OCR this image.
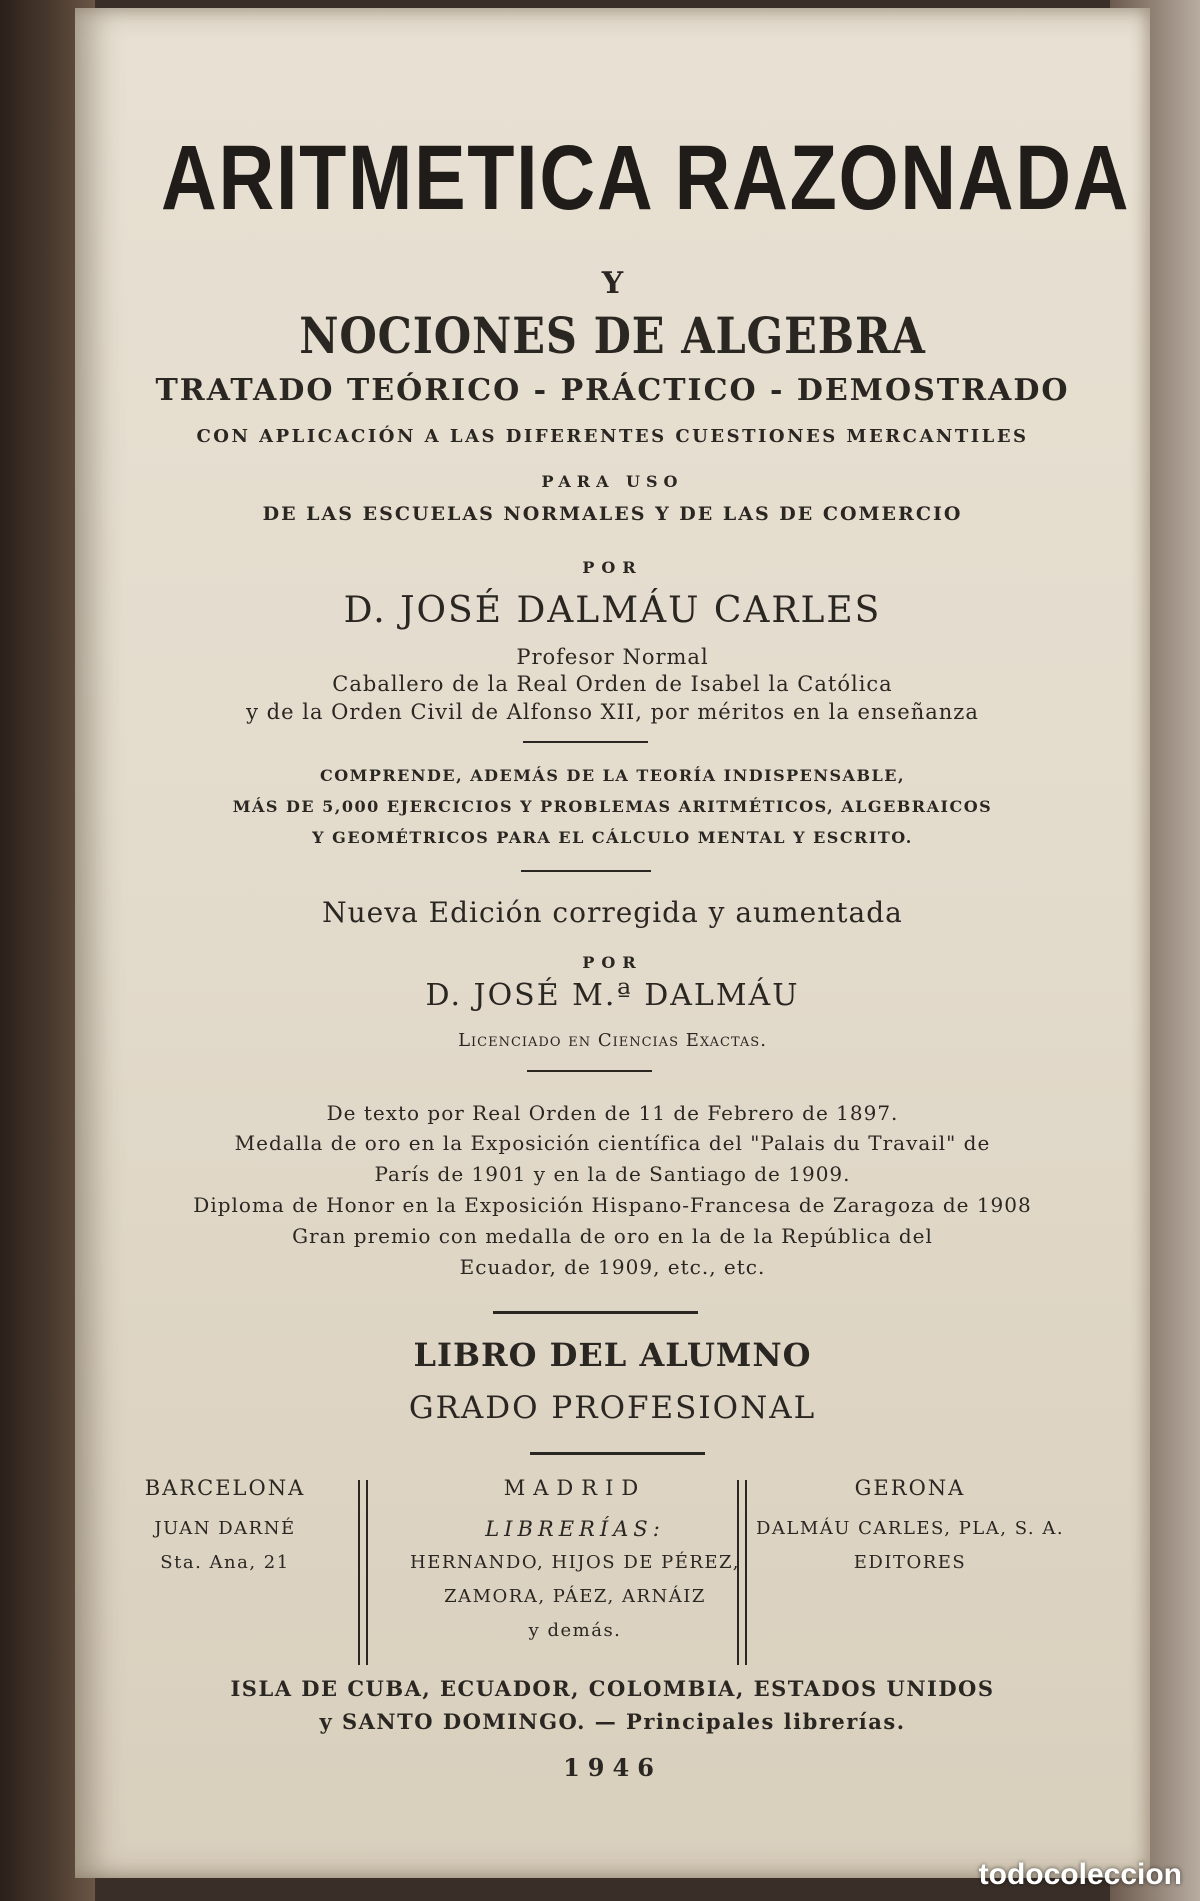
ARITMETICA RAZONADA
Y
NOCIONES DE ALGEBRA
TRATADO TEÓRICO - PRÁCTICO - DEMOSTRADO
CON APLICACIÓN A LAS DIFERENTES CUESTIONES MERCANTILES
PARA USO
DE LAS ESCUELAS NORMALES Y DE LAS DE COMERCIO
POR
D. JOSÉ DALMÁU CARLES
Profesor Normal
Caballero de la Real Orden de Isabel la Católica
y de la Orden Civil de Alfonso XII, por méritos en la enseñanza
COMPRENDE, ADEMÁS DE LA TEORÍA INDISPENSABLE,
MÁS DE 5,000 EJERCICIOS Y PROBLEMAS ARITMÉTICOS, ALGEBRAICOS
Y GEOMÉTRICOS PARA EL CÁLCULO MENTAL Y ESCRITO.
Nueva Edición corregida y aumentada
POR
D. JOSÉ M.ª DALMÁU
Licenciado en Ciencias Exactas.
De texto por Real Orden de 11 de Febrero de 1897.
Medalla de oro en la Exposición científica del "Palais du Travail" de
París de 1901 y en la de Santiago de 1909.
Diploma de Honor en la Exposición Hispano-Francesa de Zaragoza de 1908
Gran premio con medalla de oro en la de la República del
Ecuador, de 1909, etc., etc.
LIBRO DEL ALUMNO
GRADO PROFESIONAL
BARCELONA
JUAN DARNÉ
Sta. Ana, 21
MADRID
LIBRERÍAS:
HERNANDO, HIJOS DE PÉREZ,
ZAMORA, PÁEZ, ARNÁIZ
y demás.
GERONA
DALMÁU CARLES, PLA, S. A.
EDITORES
ISLA DE CUBA, ECUADOR, COLOMBIA, ESTADOS UNIDOS
y SANTO DOMINGO. — Principales librerías.
1946
todocoleccion
